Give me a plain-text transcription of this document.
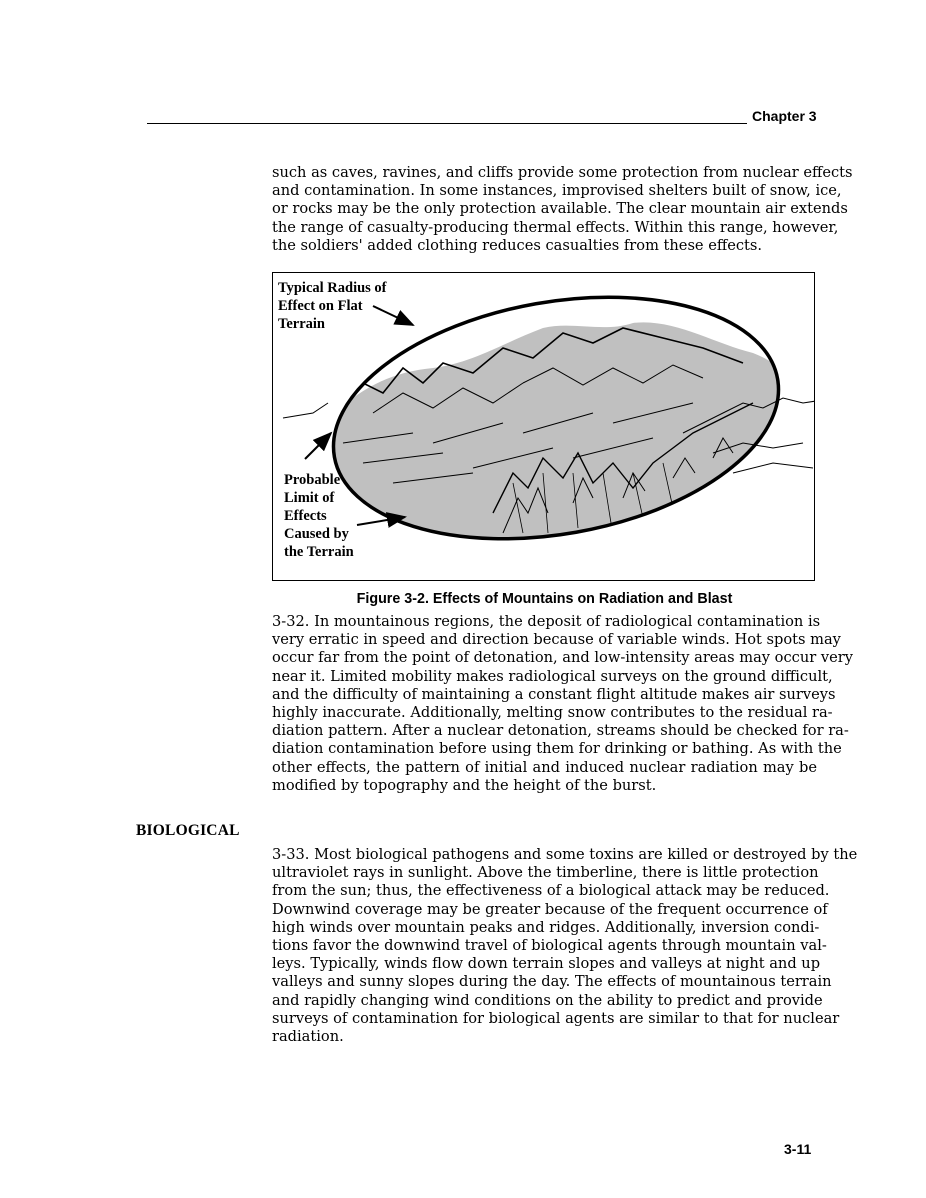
Chapter 3
such as caves, ravines, and cliffs provide some protection from nuclear effects
and contamination. In some instances, improvised shelters built of snow, ice,
or rocks may be the only protection available. The clear mountain air extends
the range of casualty-producing thermal effects. Within this range, however,
the soldiers' added clothing reduces casualties from these effects.
Typical Radius of
Effect on Flat
Terrain
Probable
Limit of
Effects
Caused by
the Terrain
Figure 3-2. Effects of Mountains on Radiation and Blast
3-32. In mountainous regions, the deposit of radiological contamination is
very erratic in speed and direction because of variable winds. Hot spots may
occur far from the point of detonation, and low-intensity areas may occur very
near it. Limited mobility makes radiological surveys on the ground difficult,
and the difficulty of maintaining a constant flight altitude makes air surveys
highly inaccurate. Additionally, melting snow contributes to the residual ra-
diation pattern. After a nuclear detonation, streams should be checked for ra-
diation contamination before using them for drinking or bathing. As with the
other effects, the pattern of initial and induced nuclear radiation may be
modified by topography and the height of the burst.
BIOLOGICAL
3-33. Most biological pathogens and some toxins are killed or destroyed by the
ultraviolet rays in sunlight. Above the timberline, there is little protection
from the sun; thus, the effectiveness of a biological attack may be reduced.
Downwind coverage may be greater because of the frequent occurrence of
high winds over mountain peaks and ridges. Additionally, inversion condi-
tions favor the downwind travel of biological agents through mountain val-
leys. Typically, winds flow down terrain slopes and valleys at night and up
valleys and sunny slopes during the day. The effects of mountainous terrain
and rapidly changing wind conditions on the ability to predict and provide
surveys of contamination for biological agents are similar to that for nuclear
radiation.
3-11
